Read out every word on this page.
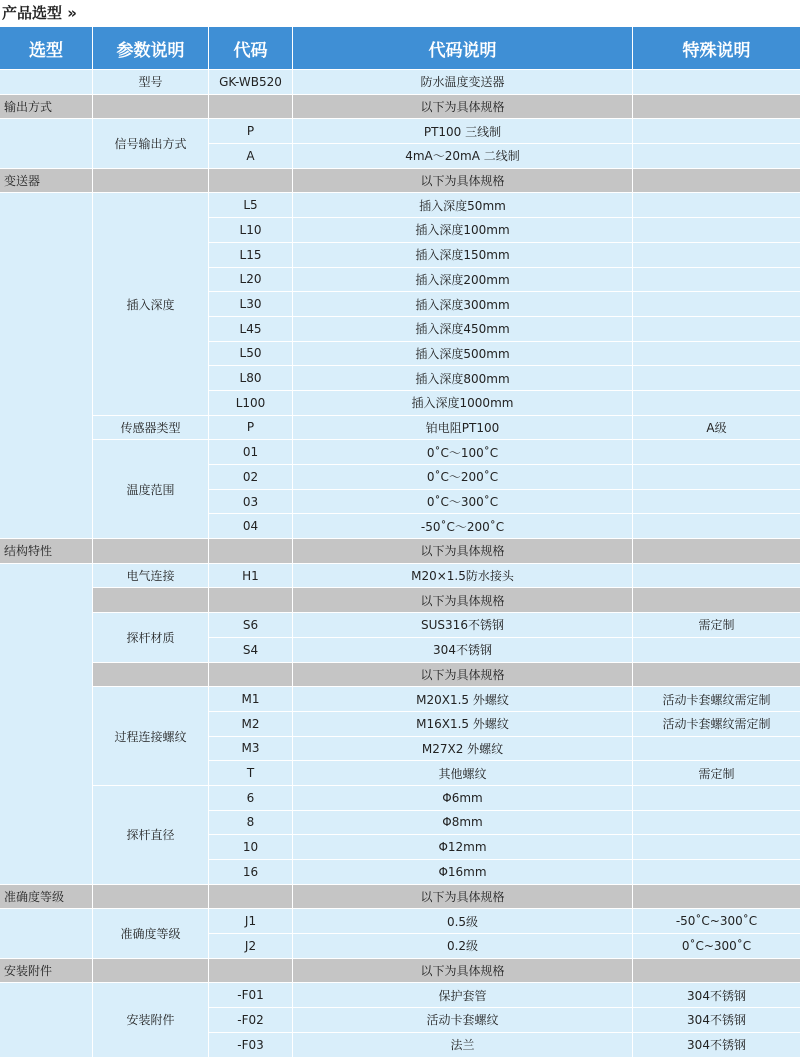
产品选型 »
选型	参数说明	代码	代码说明	特殊说明
	型号	GK-WB520	防水温度变送器	
输出方式			以下为具体规格	
	信号输出方式	P	PT100 三线制	
		A	4mA～20mA 二线制	
变送器			以下为具体规格	
	插入深度	L5	插入深度50mm	
		L10	插入深度100mm	
		L15	插入深度150mm	
		L20	插入深度200mm	
		L30	插入深度300mm	
		L45	插入深度450mm	
		L50	插入深度500mm	
		L80	插入深度800mm	
		L100	插入深度1000mm	
	传感器类型	P	铂电阻PT100	A级
	温度范围	01	0˚C～100˚C	
		02	0˚C～200˚C	
		03	0˚C～300˚C	
		04	-50˚C～200˚C	
结构特性			以下为具体规格	
	电气连接	H1	M20×1.5防水接头	
			以下为具体规格	
	探杆材质	S6	SUS316不锈钢	需定制
		S4	304不锈钢	
			以下为具体规格	
	过程连接螺纹	M1	M20X1.5 外螺纹	活动卡套螺纹需定制
		M2	M16X1.5 外螺纹	活动卡套螺纹需定制
		M3	M27X2 外螺纹	
		T	其他螺纹	需定制
	探杆直径	6	Φ6mm	
		8	Φ8mm	
		10	Φ12mm	
		16	Φ16mm	
准确度等级			以下为具体规格	
	准确度等级	J1	0.5级	-50˚C~300˚C
		J2	0.2级	0˚C~300˚C
安装附件			以下为具体规格	
	安装附件	-F01	保护套管	304不锈钢
		-F02	活动卡套螺纹	304不锈钢
		-F03	法兰	304不锈钢
